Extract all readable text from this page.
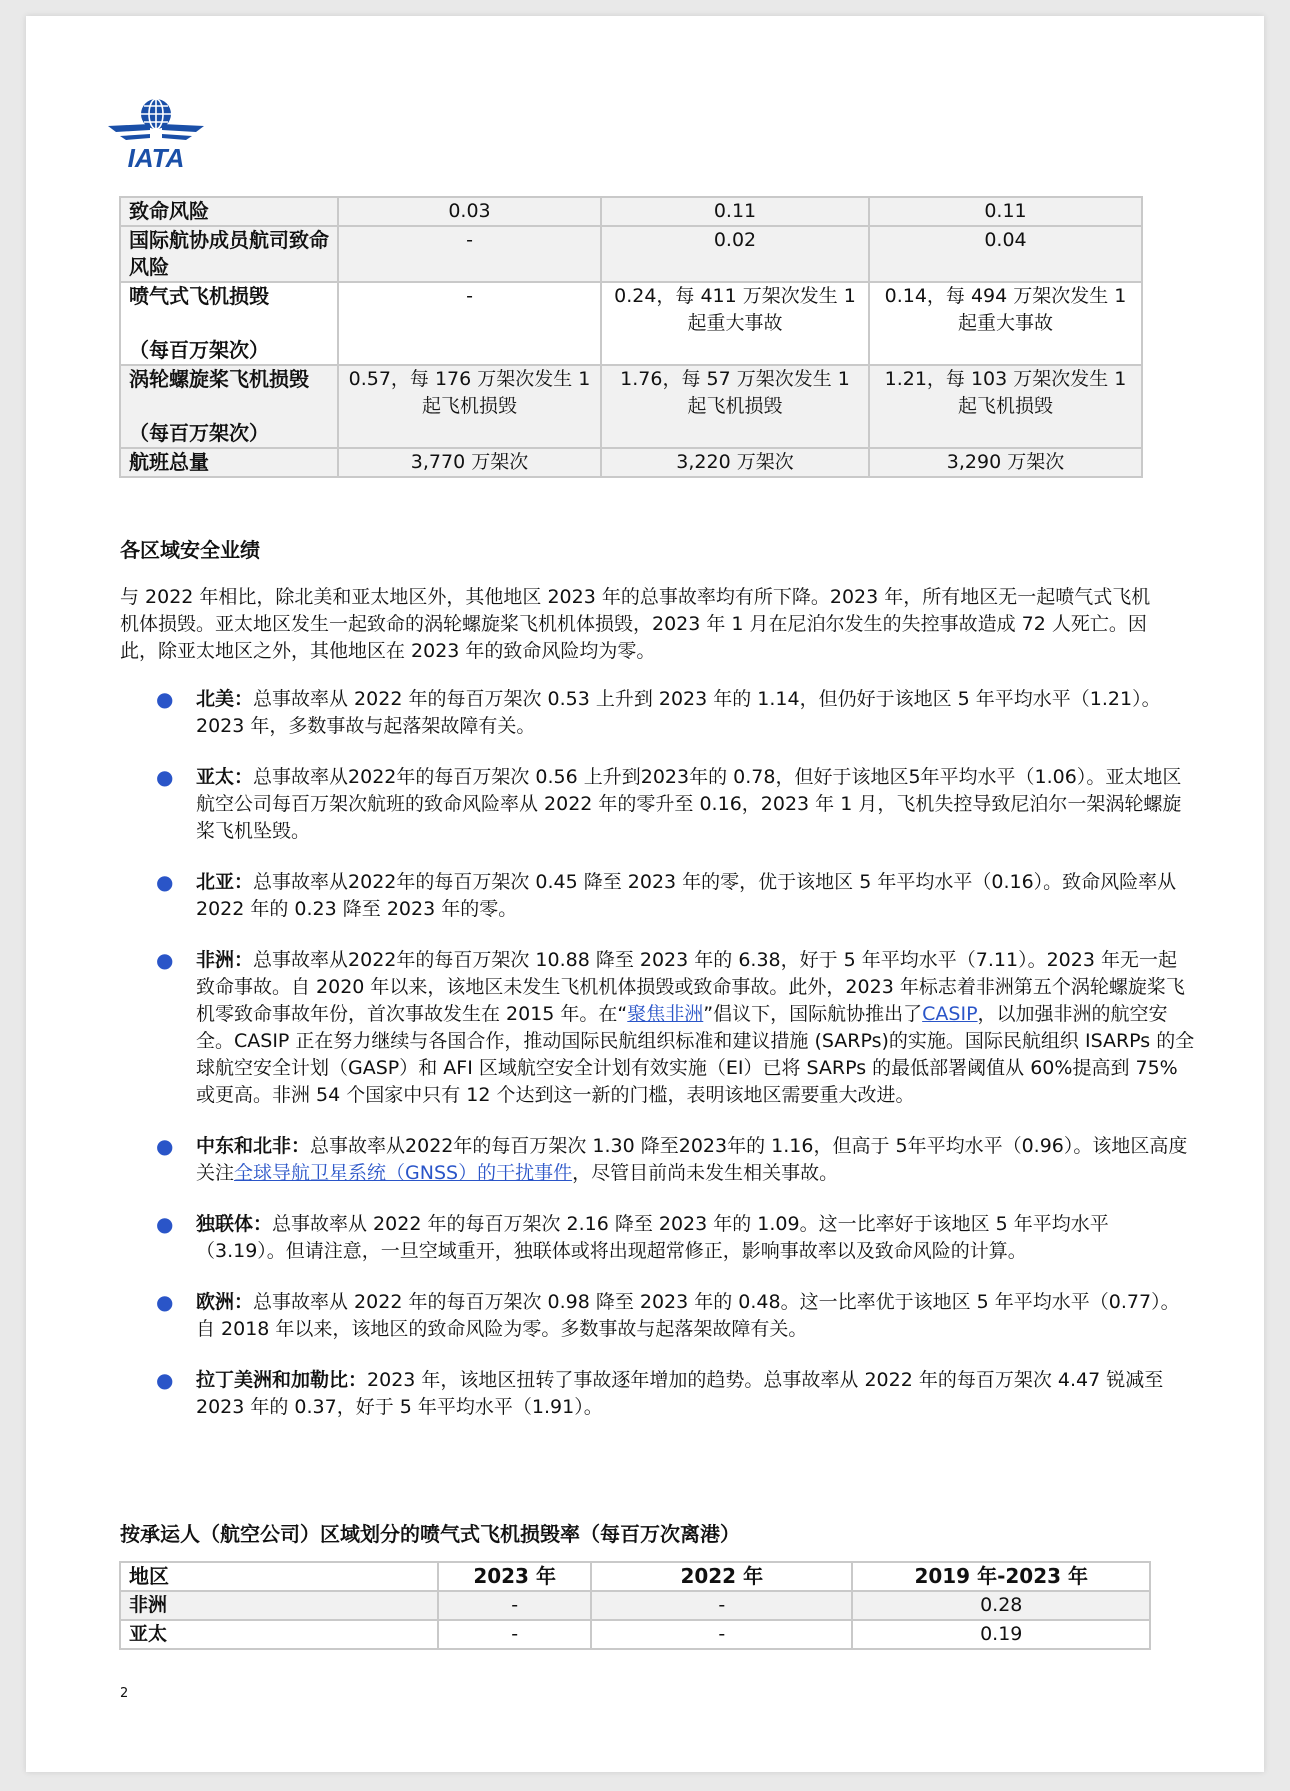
IATA
致命风险	0.03	0.11	0.11
国际航协成员航司致命风险	-	0.02	0.04

喷气式飞机损毁
（每百万架次）	-	0.24，每 411 万架次发生 1 起重大事故	0.14，每 494 万架次发生 1 起重大事故

涡轮螺旋桨飞机损毁
（每百万架次）	0.57，每 176 万架次发生 1 起飞机损毁	1.76，每 57 万架次发生 1 起飞机损毁	1.21，每 103 万架次发生 1 起飞机损毁
航班总量	3,770 万架次	3,220 万架次	3,290 万架次
各区域安全业绩
与 2022 年相比，除北美和亚太地区外，其他地区 2023 年的总事故率均有所下降。2023 年，所有地区无一起喷气式飞机机体损毁。亚太地区发生一起致命的涡轮螺旋桨飞机机体损毁，2023 年 1 月在尼泊尔发生的失控事故造成 72 人死亡。因此，除亚太地区之外，其他地区在 2023 年的致命风险均为零。
● 北美：总事故率从 2022 年的每百万架次 0.53 上升到 2023 年的 1.14，但仍好于该地区 5 年平均水平（1.21）。2023 年，多数事故与起落架故障有关。
● 亚太：总事故率从2022年的每百万架次 0.56 上升到2023年的 0.78，但好于该地区5年平均水平（1.06）。亚太地区航空公司每百万架次航班的致命风险率从 2022 年的零升至 0.16，2023 年 1 月，飞机失控导致尼泊尔一架涡轮螺旋桨飞机坠毁。
● 北亚：总事故率从2022年的每百万架次 0.45 降至 2023 年的零，优于该地区 5 年平均水平（0.16）。致命风险率从 2022 年的 0.23 降至 2023 年的零。
● 非洲：总事故率从2022年的每百万架次 10.88 降至 2023 年的 6.38，好于 5 年平均水平（7.11）。2023 年无一起致命事故。自 2020 年以来，该地区未发生飞机机体损毁或致命事故。此外，2023 年标志着非洲第五个涡轮螺旋桨飞机零致命事故年份，首次事故发生在 2015 年。在“聚焦非洲”倡议下，国际航协推出了CASIP，以加强非洲的航空安全。CASIP 正在努力继续与各国合作，推动国际民航组织标准和建议措施 (SARPs)的实施。国际民航组织 ISARPs 的全球航空安全计划（GASP）和 AFI 区域航空安全计划有效实施（EI）已将 SARPs 的最低部署阈值从 60%提高到 75%或更高。非洲 54 个国家中只有 12 个达到这一新的门槛，表明该地区需要重大改进。
● 中东和北非：总事故率从2022年的每百万架次 1.30 降至2023年的 1.16，但高于 5年平均水平（0.96）。该地区高度关注全球导航卫星系统（GNSS）的干扰事件，尽管目前尚未发生相关事故。
● 独联体：总事故率从 2022 年的每百万架次 2.16 降至 2023 年的 1.09。这一比率好于该地区 5 年平均水平（3.19）。但请注意，一旦空域重开，独联体或将出现超常修正，影响事故率以及致命风险的计算。
● 欧洲：总事故率从 2022 年的每百万架次 0.98 降至 2023 年的 0.48。这一比率优于该地区 5 年平均水平（0.77）。自 2018 年以来，该地区的致命风险为零。多数事故与起落架故障有关。
● 拉丁美洲和加勒比：2023 年，该地区扭转了事故逐年增加的趋势。总事故率从 2022 年的每百万架次 4.47 锐减至 2023 年的 0.37，好于 5 年平均水平（1.91）。
按承运人（航空公司）区域划分的喷气式飞机损毁率（每百万次离港）
地区	2023 年	2022 年	2019 年-2023 年
非洲	-	-	0.28
亚太	-	-	0.19
2
